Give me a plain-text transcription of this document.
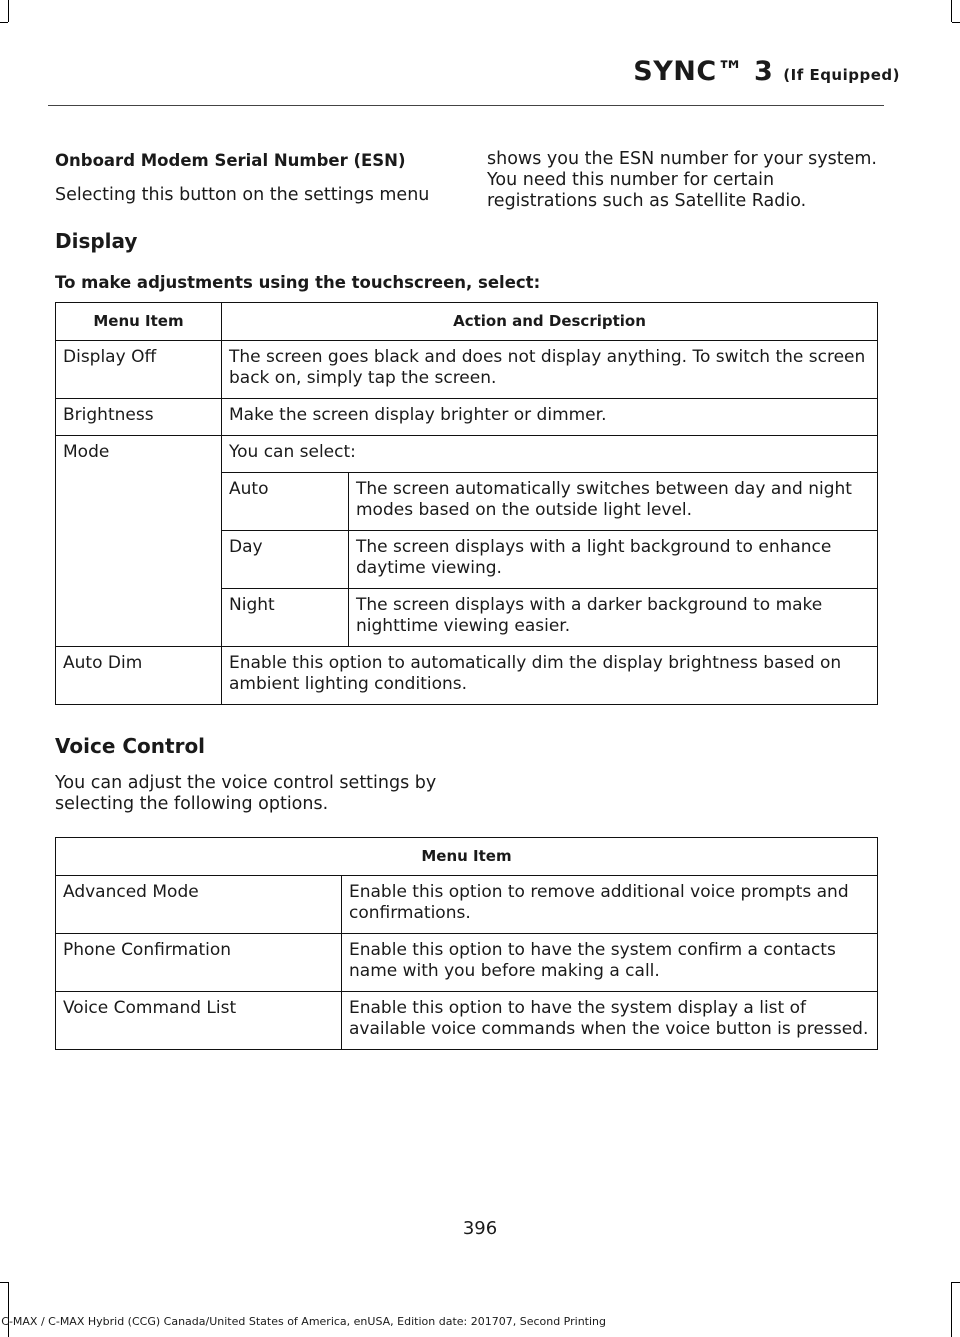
SYNC™ 3 (If Equipped)
Onboard Modem Serial Number (ESN)

Selecting this button on the settings menu

shows you the ESN number for your system. You need this number for certain registrations such as Satellite Radio.

Display
To make adjustments using the touchscreen, select:
Menu Item	Action and Description	
Display Off	The screen goes black and does not display anything. To switch the screen back on, simply tap the screen.	
Brightness	Make the screen display brighter or dimmer.	
Mode	You can select:	
	Auto	The screen automatically switches between day and night modes based on the outside light level.
	Day	The screen displays with a light background to enhance daytime viewing.
	Night	The screen displays with a darker background to make nighttime viewing easier.
Auto Dim	Enable this option to automatically dim the display brightness based on ambient lighting conditions.	
Voice Control
You can adjust the voice control settings by selecting the following options.
Menu Item	
Advanced Mode	Enable this option to remove additional voice prompts and confirmations.
Phone Confirmation	Enable this option to have the system confirm a contacts name with you before making a call.
Voice Command List	Enable this option to have the system display a list of available voice commands when the voice button is pressed.
396
C-MAX / C-MAX Hybrid (CCG) Canada/United States of America, enUSA, Edition date: 201707, Second Printing
